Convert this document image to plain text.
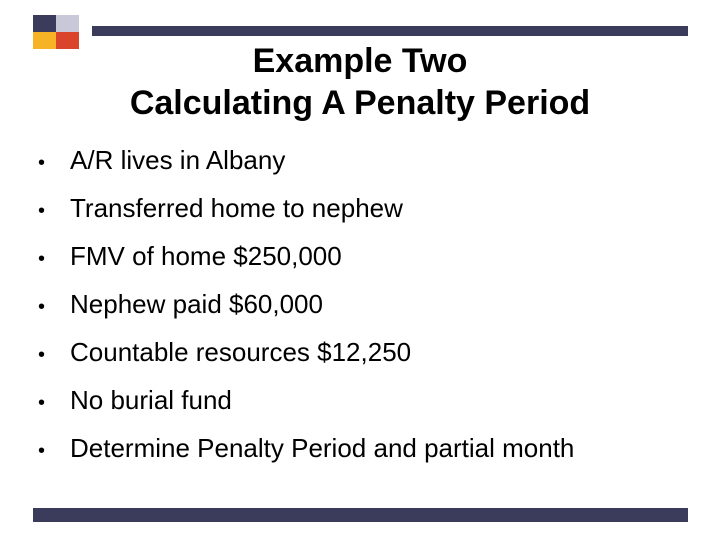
Example Two
Calculating A Penalty Period
• A/R lives in Albany
• Transferred home to nephew
• FMV of home $250,000
• Nephew paid $60,000
• Countable resources $12,250
• No burial fund
• Determine Penalty Period and partial month
